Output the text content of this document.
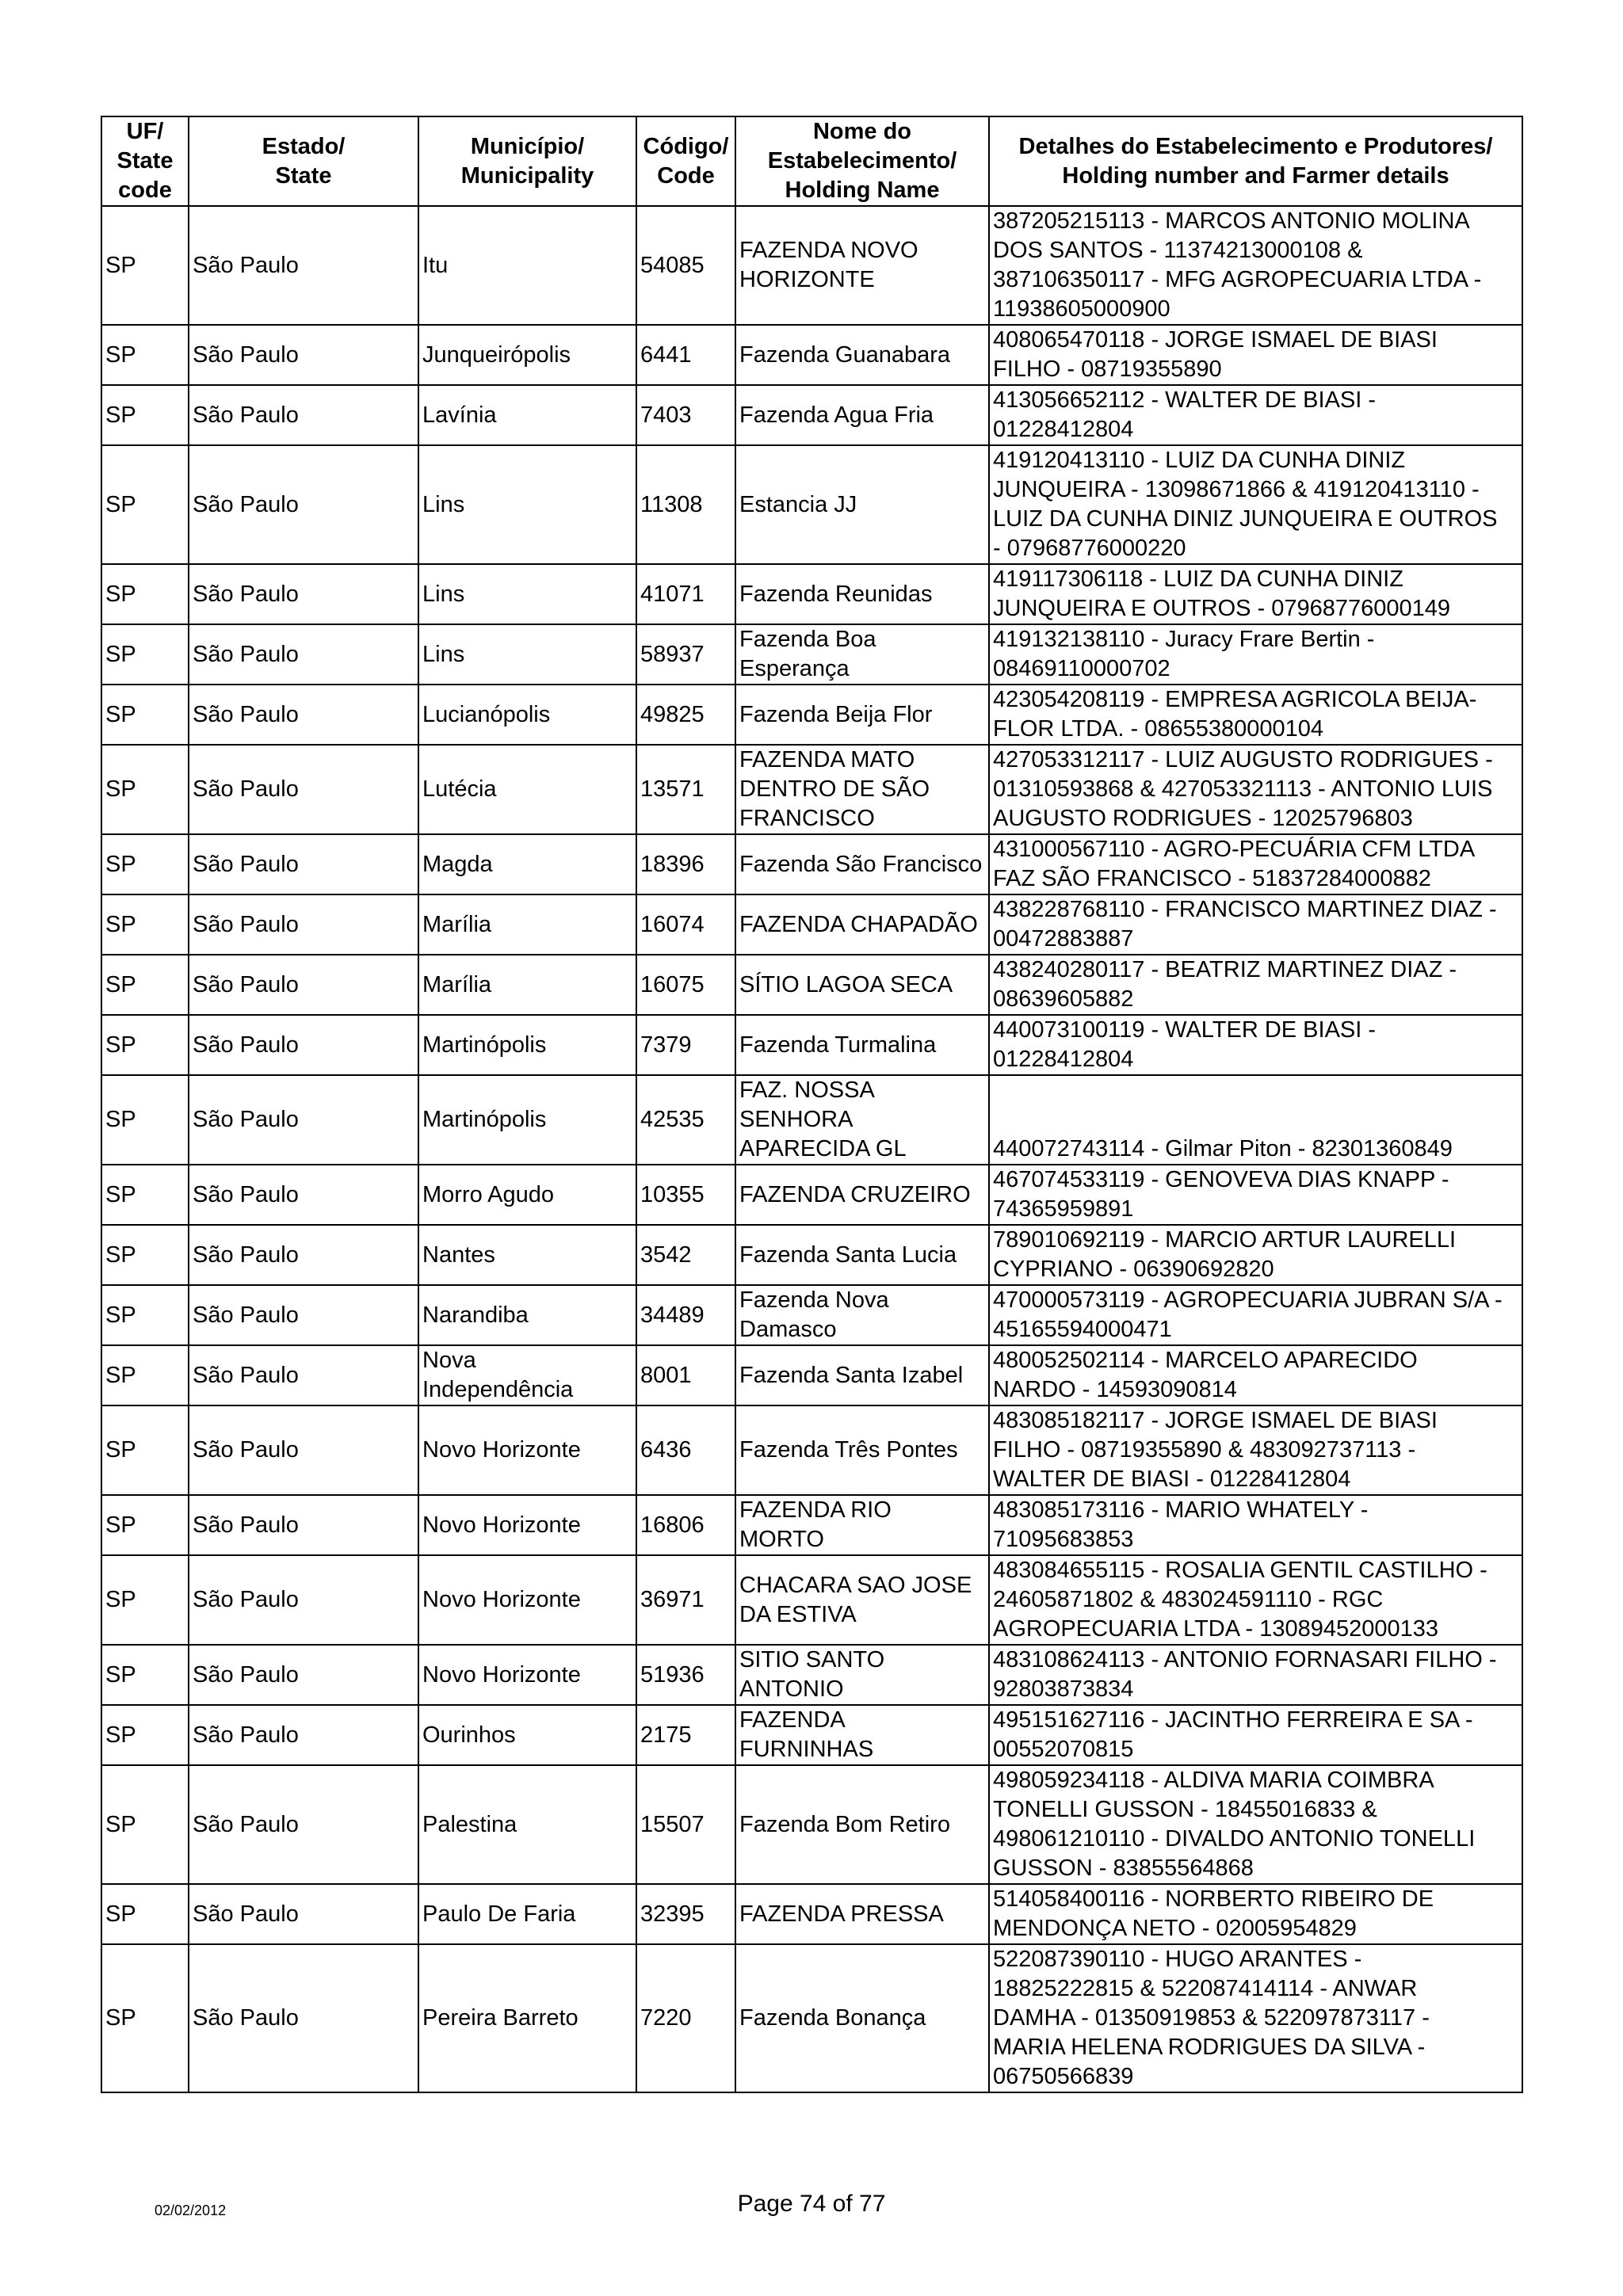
UF/
State
code	Estado/
State	Município/
Municipality	Código/
Code	Nome do
Estabelecimento/
Holding Name	Detalhes do Estabelecimento e Produtores/
Holding number and Farmer details
SP	São Paulo	Itu	54085	FAZENDA NOVO
HORIZONTE	387205215113 - MARCOS ANTONIO MOLINA
DOS SANTOS - 11374213000108 &
387106350117 - MFG AGROPECUARIA LTDA -
11938605000900
SP	São Paulo	Junqueirópolis	6441	Fazenda Guanabara	408065470118 - JORGE ISMAEL DE BIASI
FILHO - 08719355890
SP	São Paulo	Lavínia	7403	Fazenda Agua Fria	413056652112 - WALTER DE BIASI -
01228412804
SP	São Paulo	Lins	11308	Estancia JJ	419120413110 - LUIZ DA CUNHA DINIZ
JUNQUEIRA - 13098671866 & 419120413110 -
LUIZ DA CUNHA DINIZ JUNQUEIRA E OUTROS
- 07968776000220
SP	São Paulo	Lins	41071	Fazenda Reunidas	419117306118 - LUIZ DA CUNHA DINIZ
JUNQUEIRA E OUTROS - 07968776000149
SP	São Paulo	Lins	58937	Fazenda Boa
Esperança	419132138110 - Juracy Frare Bertin -
08469110000702
SP	São Paulo	Lucianópolis	49825	Fazenda Beija Flor	423054208119 - EMPRESA AGRICOLA BEIJA-
FLOR LTDA. - 08655380000104
SP	São Paulo	Lutécia	13571	FAZENDA MATO
DENTRO DE SÃO
FRANCISCO	427053312117 - LUIZ AUGUSTO RODRIGUES -
01310593868 & 427053321113 - ANTONIO LUIS
AUGUSTO RODRIGUES - 12025796803
SP	São Paulo	Magda	18396	Fazenda São Francisco	431000567110 - AGRO-PECUÁRIA CFM LTDA
FAZ SÃO FRANCISCO - 51837284000882
SP	São Paulo	Marília	16074	FAZENDA CHAPADÃO	438228768110 - FRANCISCO MARTINEZ DIAZ -
00472883887
SP	São Paulo	Marília	16075	SÍTIO LAGOA SECA	438240280117 - BEATRIZ MARTINEZ DIAZ -
08639605882
SP	São Paulo	Martinópolis	7379	Fazenda Turmalina	440073100119 - WALTER DE BIASI -
01228412804
SP	São Paulo	Martinópolis	42535	FAZ. NOSSA
SENHORA
APARECIDA GL	440072743114 - Gilmar Piton - 82301360849
SP	São Paulo	Morro Agudo	10355	FAZENDA CRUZEIRO	467074533119 - GENOVEVA DIAS KNAPP -
74365959891
SP	São Paulo	Nantes	3542	Fazenda Santa Lucia	789010692119 - MARCIO ARTUR LAURELLI
CYPRIANO - 06390692820
SP	São Paulo	Narandiba	34489	Fazenda Nova
Damasco	470000573119 - AGROPECUARIA JUBRAN S/A -
45165594000471
SP	São Paulo	Nova
Independência	8001	Fazenda Santa Izabel	480052502114 - MARCELO APARECIDO
NARDO - 14593090814
SP	São Paulo	Novo Horizonte	6436	Fazenda Três Pontes	483085182117 - JORGE ISMAEL DE BIASI
FILHO - 08719355890 & 483092737113 -
WALTER DE BIASI - 01228412804
SP	São Paulo	Novo Horizonte	16806	FAZENDA RIO
MORTO	483085173116 - MARIO WHATELY -
71095683853
SP	São Paulo	Novo Horizonte	36971	CHACARA SAO JOSE
DA ESTIVA	483084655115 - ROSALIA GENTIL CASTILHO -
24605871802 & 483024591110 - RGC
AGROPECUARIA LTDA - 13089452000133
SP	São Paulo	Novo Horizonte	51936	SITIO SANTO
ANTONIO	483108624113 - ANTONIO FORNASARI FILHO -
92803873834
SP	São Paulo	Ourinhos	2175	FAZENDA
FURNINHAS	495151627116 - JACINTHO FERREIRA E SA -
00552070815
SP	São Paulo	Palestina	15507	Fazenda Bom Retiro	498059234118 - ALDIVA MARIA COIMBRA
TONELLI GUSSON - 18455016833 &
498061210110 - DIVALDO ANTONIO TONELLI
GUSSON - 83855564868
SP	São Paulo	Paulo De Faria	32395	FAZENDA PRESSA	514058400116 - NORBERTO RIBEIRO DE
MENDONÇA NETO - 02005954829
SP	São Paulo	Pereira Barreto	7220	Fazenda Bonança	522087390110 - HUGO ARANTES -
18825222815 & 522087414114 - ANWAR
DAMHA - 01350919853 & 522097873117 -
MARIA HELENA RODRIGUES DA SILVA -
06750566839
02/02/2012	Page 74 of 77
